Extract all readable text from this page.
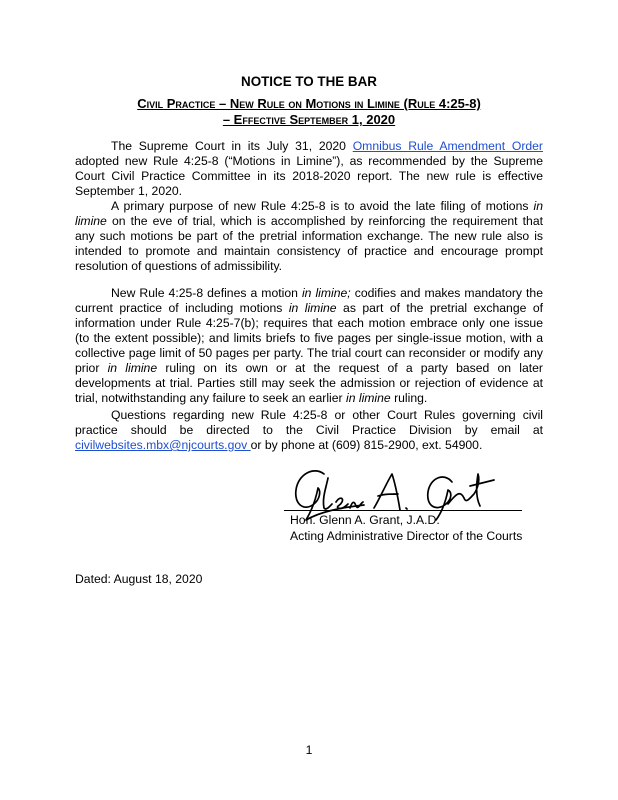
NOTICE TO THE BAR
Civil Practice – New Rule on Motions in Limine (Rule 4:25-8)
– Effective September 1, 2020

The Supreme Court in its July 31, 2020 Omnibus Rule Amendment Order adopted new Rule 4:25-8 (“Motions in Limine”), as recommended by the Supreme Court Civil Practice Committee in its 2018-2020 report. The new rule is effective September 1, 2020.

A primary purpose of new Rule 4:25-8 is to avoid the late filing of motions in limine on the eve of trial, which is accomplished by reinforcing the requirement that any such motions be part of the pretrial information exchange. The new rule also is intended to promote and maintain consistency of practice and encourage prompt resolution of questions of admissibility.

New Rule 4:25-8 defines a motion in limine; codifies and makes mandatory the current practice of including motions in limine as part of the pretrial exchange of information under Rule 4:25-7(b); requires that each motion embrace only one issue (to the extent possible); and limits briefs to five pages per single-issue motion, with a collective page limit of 50 pages per party. The trial court can reconsider or modify any prior in limine ruling on its own or at the request of a party based on later developments at trial. Parties still may seek the admission or rejection of evidence at trial, notwithstanding any failure to seek an earlier in limine ruling.

Questions regarding new Rule 4:25-8 or other Court Rules governing civil practice should be directed to the Civil Practice Division by email at civilwebsites.mbx@njcourts.gov or by phone at (609) 815-2900, ext. 54900.

Hon. Glenn A. Grant, J.A.D.
Acting Administrative Director of the Courts
Dated: August 18, 2020
1
